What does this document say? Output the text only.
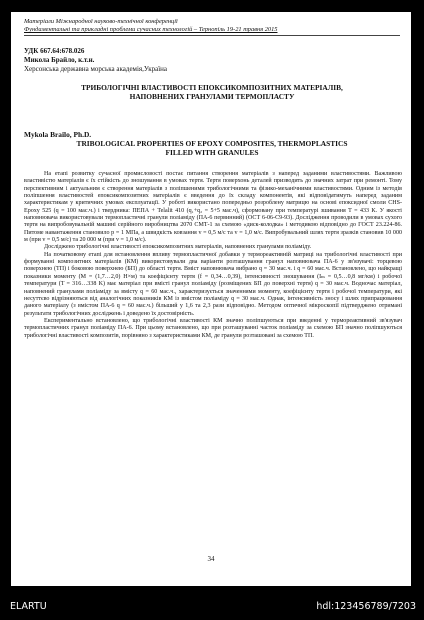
Матеріали Міжнародної науково-технічної конференції
Фундаментальні та прикладні проблеми сучасних технологій – Тернопіль 19-21 травня 2015
УДК 667.64:678.026
Микола Брайло, к.т.н.
Херсонська державна морська академія,Україна
ТРИБОЛОГІЧНІ ВЛАСТИВОСТІ ЕПОКСИКОМПОЗИТНИХ МАТЕРІАЛІВ,
НАПОВНЕНИХ ГРАНУЛАМИ ТЕРМОПЛАСТУ
Mykola Brailo, Ph.D.
TRIBOLOGICAL PROPERTIES OF EPOXY COMPOSITES, THERMOPLASTICS
FILLED WITH GRANULES

На етапі розвитку сучасної промисловості постає питання створення матеріалів з наперед заданими властивостями. Важливою властивістю матеріалів є їх стійкість до зношування в умовах тертя. Тертя поверхонь деталей призводить до значних затрат при ремонті. Тому перспективним і актуальним є створення матеріалів з поліпшеними трибологічними та фізико-механічними властивостями. Одним із методів поліпшення властивостей епоксикомпозитних матеріалів є введення до їх складу компонентів, які відповідатимуть наперед заданим характеристикам у критичних умовах експлуатації. У роботі використано попередньо розроблену матрицю на основі епоксидної смоли CHS-Epoxy 525 (q = 100 мас.ч.) і твердника: ПЕПА + Telalit 410 (q₁+q₂ = 5+5 мас.ч), сформовану при температурі зшивання T = 433 K. У якості наповнювача використовували термопластичні гранули поліаміду (ПА-6 первинний) (ОСТ 6-06-С9-93). Дослідження проводили в умовах сухого тертя на випробовувальній машині серійного виробництва 2070 СМТ-1 за схемою «диск-колодка» і методикою відповідно до ГОСТ 23.224-86. Питоме навантаження становило p = 1 МПа, а швидкість ковзання v = 0,5 м/с та v = 1,0 м/с. Випробувальний шлях тертя зразків становив 10 000 м (при v = 0,5 м/с) та 20 000 м (при v = 1,0 м/с).

Досліджено трибологічні властивості епоксикомпозитних матеріалів, наповнених гранулами поліаміду.

На початковому етапі для встановлення впливу термопластичної добавки у термореактивній матриці на трибологічні властивості при формуванні композитних матеріалів (КМ) використовували два варіанти розташування гранул наповнювача ПА-6 у зв'язувачі: торцевою поверхнею (ТП) і боковою поверхнею (БП) до області тертя. Вміст наповнювача вибрано q = 30 мас.ч. і q = 60 мас.ч. Встановлено, що найкращі показники моменту (M = (1,7…2,0) Н×м) та коефіцієнту тертя (f = 0,34…0,39), інтенсивності зношування (Iₘ = 0,5…0,8 мг/км) і робочої температури (T = 316…338 K) має матеріал при вмісті гранул поліаміду (розміщених БП до поверхні тертя) q = 30 мас.ч. Водночас матеріал, наповнений гранулами поліаміду за вмісту q = 60 мас.ч., характеризується значеннями моменту, коефіцієнту тертя і робочої температури, які несуттєво відрізняються від аналогічних показників КМ із вмістом поліаміду q = 30 мас.ч. Однак, інтенсивність зносу і шлях припрацювання даного матеріалу (з вмістом ПА-6 q = 60 мас.ч.) більший у 1,6 та 2,3 рази відповідно. Методом оптичної мікроскопії підтверджено отримані результати трибологічних досліджень і доведено їх достовірність.

Експериментально встановлено, що трибологічні властивості КМ значно поліпшуються при введенні у термореактивний зв'язувач термопластичних гранул поліаміду ПА-6. При цьому встановлено, що при розташуванні часток поліаміду за схемою БП значно поліпшуються трибологічні властивості композитів, порівняно з характеристиками КМ, де гранули розташовані за схемою ТП.

34
ELARTU	hdl:123456789/7203
